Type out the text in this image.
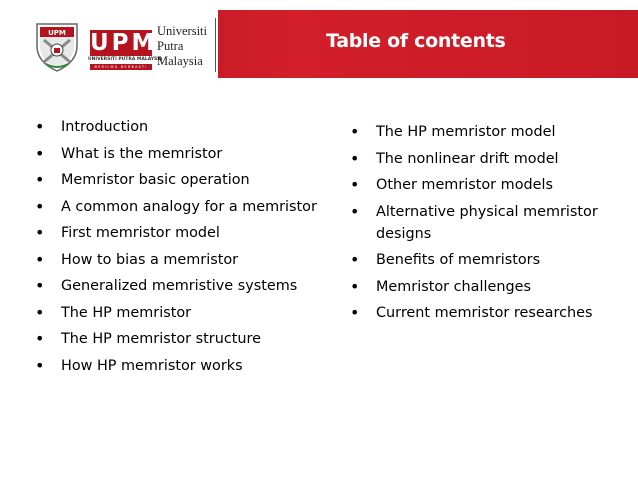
UPM UPM
UNIVERSITI PUTRA MALAYSIA
BERILMU BERBAKTI
Universiti
Putra
Malaysia
Table of contents
• Introduction
• What is the memristor
• Memristor basic operation
• A common analogy for a memristor
• First memristor model
• How to bias a memristor
• Generalized memristive systems
• The HP memristor
• The HP memristor structure
• How HP memristor works
• The HP memristor model
• The nonlinear drift model
• Other memristor models
• Alternative physical memristor designs
• Benefits of memristors
• Memristor challenges
• Current memristor researches
